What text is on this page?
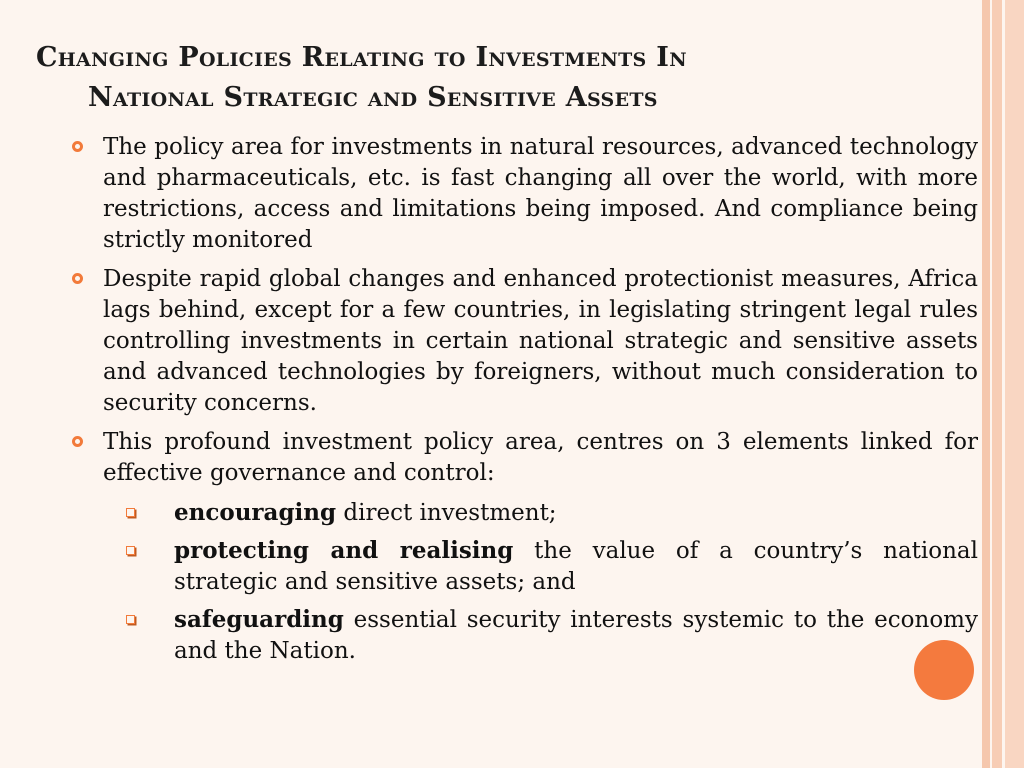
Changing Policies Relating to Investments In
National Strategic and Sensitive Assets
The policy area for investments in natural resources, advanced technology and pharmaceuticals, etc. is fast changing all over the world, with more restrictions, access and limitations being imposed. And compliance being strictly monitored
Despite rapid global changes and enhanced protectionist measures, Africa lags behind, except for a few countries, in legislating stringent legal rules controlling investments in certain national strategic and sensitive assets and advanced technologies by foreigners, without much consideration to security concerns.
This profound investment policy area, centres on 3 elements linked for effective governance and control:
encouraging direct investment;
protecting and realising the value of a country’s national strategic and sensitive assets; and
safeguarding essential security interests systemic to the economy and the Nation.
